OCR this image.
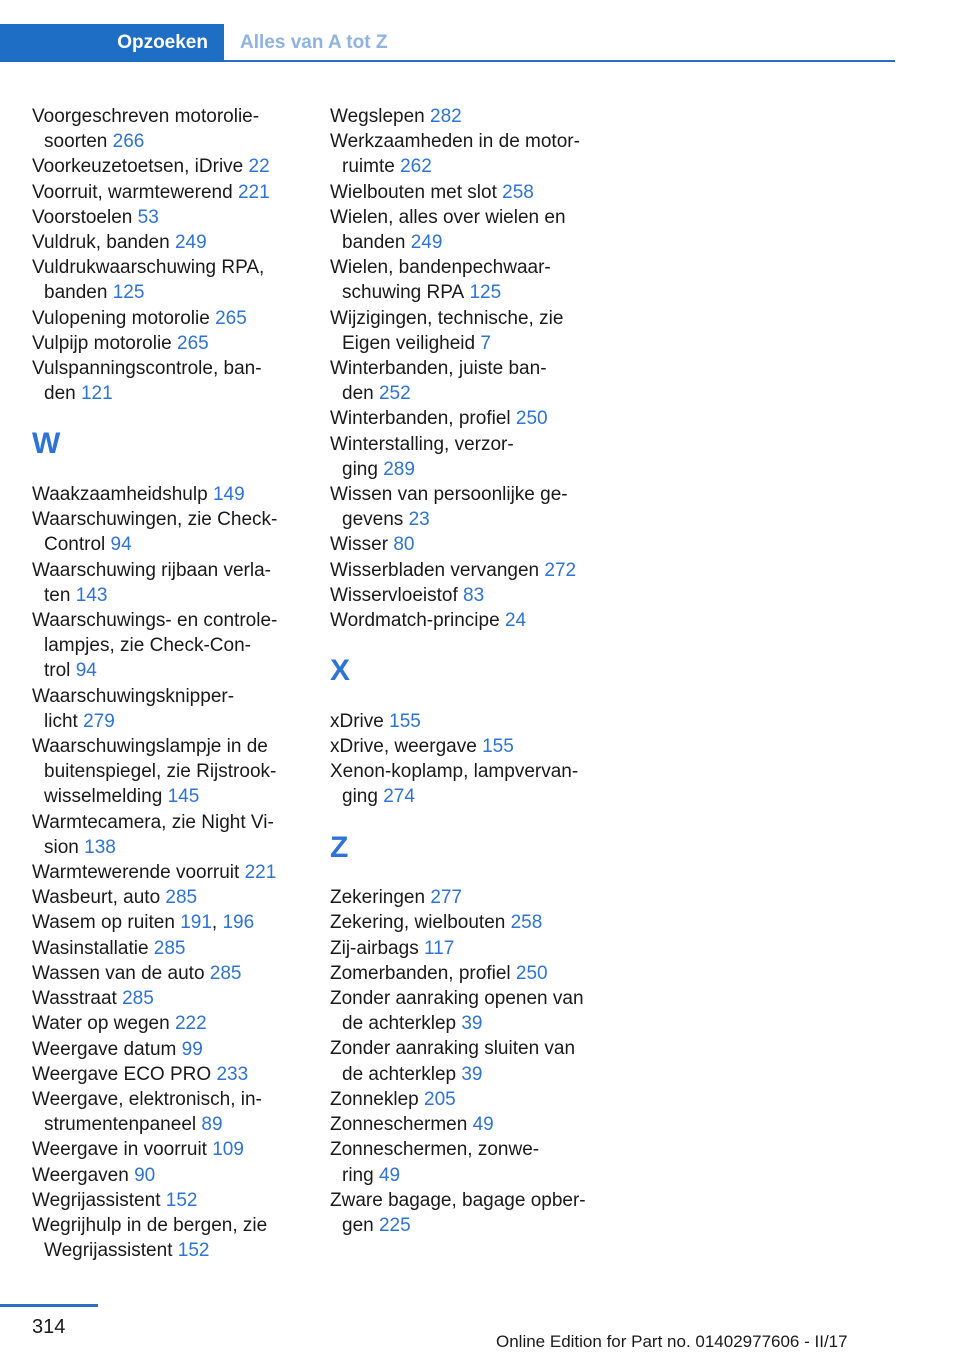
Opzoeken	Alles van A tot Z
Voorgeschreven motorolie-
soorten 266
Voorkeuzetoetsen, iDrive 22
Voorruit, warmtewerend 221
Voorstoelen 53
Vuldruk, banden 249
Vuldrukwaarschuwing RPA,
banden 125
Vulopening motorolie 265
Vulpijp motorolie 265
Vulspanningscontrole, ban-
den 121
W
Waakzaamheidshulp 149
Waarschuwingen, zie Check-
Control 94
Waarschuwing rijbaan verla-
ten 143
Waarschuwings- en controle-
lampjes, zie Check-Con-
trol 94
Waarschuwingsknipper-
licht 279
Waarschuwingslampje in de
buitenspiegel, zie Rijstrook-
wisselmelding 145
Warmtecamera, zie Night Vi-
sion 138
Warmtewerende voorruit 221
Wasbeurt, auto 285
Wasem op ruiten 191, 196
Wasinstallatie 285
Wassen van de auto 285
Wasstraat 285
Water op wegen 222
Weergave datum 99
Weergave ECO PRO 233
Weergave, elektronisch, in-
strumentenpaneel 89
Weergave in voorruit 109
Weergaven 90
Wegrijassistent 152
Wegrijhulp in de bergen, zie
Wegrijassistent 152
Wegslepen 282
Werkzaamheden in de motor-
ruimte 262
Wielbouten met slot 258
Wielen, alles over wielen en
banden 249
Wielen, bandenpechwaar-
schuwing RPA 125
Wijzigingen, technische, zie
Eigen veiligheid 7
Winterbanden, juiste ban-
den 252
Winterbanden, profiel 250
Winterstalling, verzor-
ging 289
Wissen van persoonlijke ge-
gevens 23
Wisser 80
Wisserbladen vervangen 272
Wisservloeistof 83
Wordmatch-principe 24
X
xDrive 155
xDrive, weergave 155
Xenon-koplamp, lampvervan-
ging 274
Z
Zekeringen 277
Zekering, wielbouten 258
Zij-airbags 117
Zomerbanden, profiel 250
Zonder aanraking openen van
de achterklep 39
Zonder aanraking sluiten van
de achterklep 39
Zonneklep 205
Zonneschermen 49
Zonneschermen, zonwe-
ring 49
Zware bagage, bagage opber-
gen 225
314
Online Edition for Part no. 01402977606 - II/17
